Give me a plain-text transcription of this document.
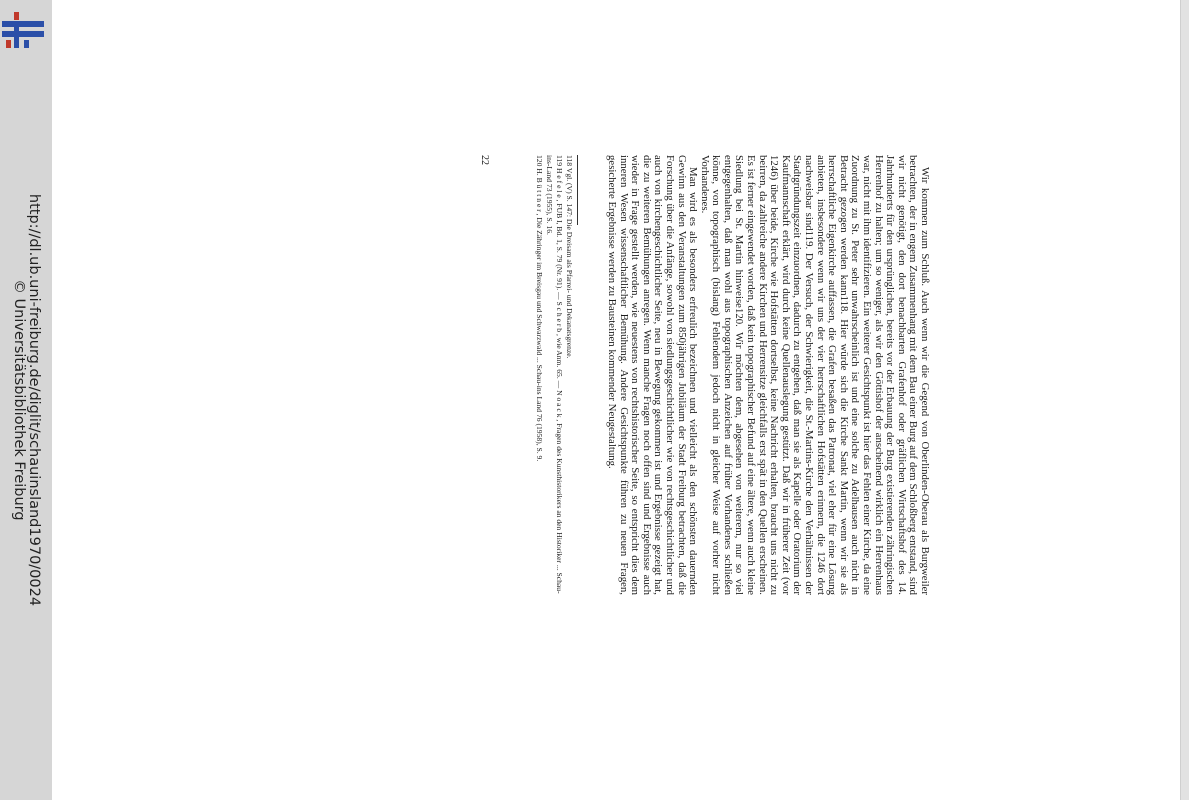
http://dl.ub.uni-freiburg.de/diglit/schauinsland1970/0024
© Universitätsbibliothek Freiburg	Wir kommen zum Schluß. Auch wenn wir die Gegend von Oberlinden-Oberau als Burgweiler betrachten, der in engem Zusammenhang mit dem Bau einer Burg auf dem Schloßberg entstand, sind wir nicht genötigt, den dort benachbarten Grafenhof oder gräflichen Wirtschaftshof des 14. Jahrhunderts für den ursprünglichen, bereits vor der Erbauung der Burg existierenden zähringischen Herrenhof zu halten; um so weniger, als wir den Göttishof der anscheinend wirklich ein Herrenhaus war, nicht mit ihm identifizieren. Ein weiterer Gesichtspunkt ist hier das Fehlen einer Kirche, da eine Zuordnung zu St. Peter sehr unwahrscheinlich ist und eine solche zu Adelhausen auch nicht in Betracht gezogen werden kann118. Hier würde sich die Kirche Sankt Martin, wenn wir sie als herrschaftliche Eigenkirche auffassen, die Grafen besaßen das Patronat, viel eher für eine Lösung anbieten, insbesondere wenn wir uns der vier herrschaftlichen Hofstätten erinnern, die 1246 dort nachweisbar sind119. Der Versuch, der Schwierigkeit, die St.-Martins-Kirche den Verhältnissen der Stadtgründungszeit einzuordnen, dadurch zu entgehen, daß man sie als Kapelle oder Oratorium der Kaufmannschaft erklärt, wird durch keine Quellenauslegung gestützt. Daß wir in früherer Zeit (vor 1246) über beide, Kirche wie Hofstätten dortselbst, keine Nachricht erhalten, braucht uns nicht zu beirren, da zahlreiche andere Kirchen und Herrensitze gleichfalls erst spät in den Quellen erscheinen. Es ist ferner eingewendet worden, daß kein topographischer Befund auf eine ältere, wenn auch kleine Siedlung bei St. Martin hinweise120. Wir möchten dem, abgesehen von weiterem, nur so viel entgegenhalten, daß man wohl aus topographischen Anzeichen auf früher Vorhandenes schließen könne, von topographisch (bislang) Fehlendem jedoch nicht in gleicher Weise auf vorher nicht Vorhandenes.

Man wird es als besonders erfreulich bezeichnen und vielleicht als den schönsten dauernden Gewinn aus den Veranstaltungen zum 850jährigen Jubiläum der Stadt Freiburg betrachten, daß die Forschung über die Anfänge, sowohl von siedlungsgeschichtlicher wie von rechtsgeschichtlicher und auch von kirchengeschichtlicher Seite, neu in Bewegung gekommen ist und Ergebnisse gezeigt hat, die zu weiteren Bemühungen anregen. Wenn manche Fragen noch offen sind und Ergebnisse auch wieder in Frage gestellt werden, wie neuestens von rechtshistorischer Seite, so entspricht dies dem inneren Wesen wissenschaftlicher Bemühung. Andere Gesichtspunkte führen zu neuen Fragen, gesicherte Ergebnisse werden zu Bausteinen kommender Neugestaltung.

118 Vgl. (V) S. 147: Die Dreisam als Pfarrei- und Dekanatsgrenze.
119 H e f e l e , FUB I, Bd. 1, S. 79 (Nr. 91). — S c h e r b , wie Anm. 65. — N o a c k , Fragen des Kunsthistorikers an den Historiker ... Schau-ins-Land 73 (1955), S. 16.
120 H. B ü t t n e r , Die Zähringer im Breisgau und Schwarzwald ... Schau-ins Land 76 (1958), S. 9.
22
